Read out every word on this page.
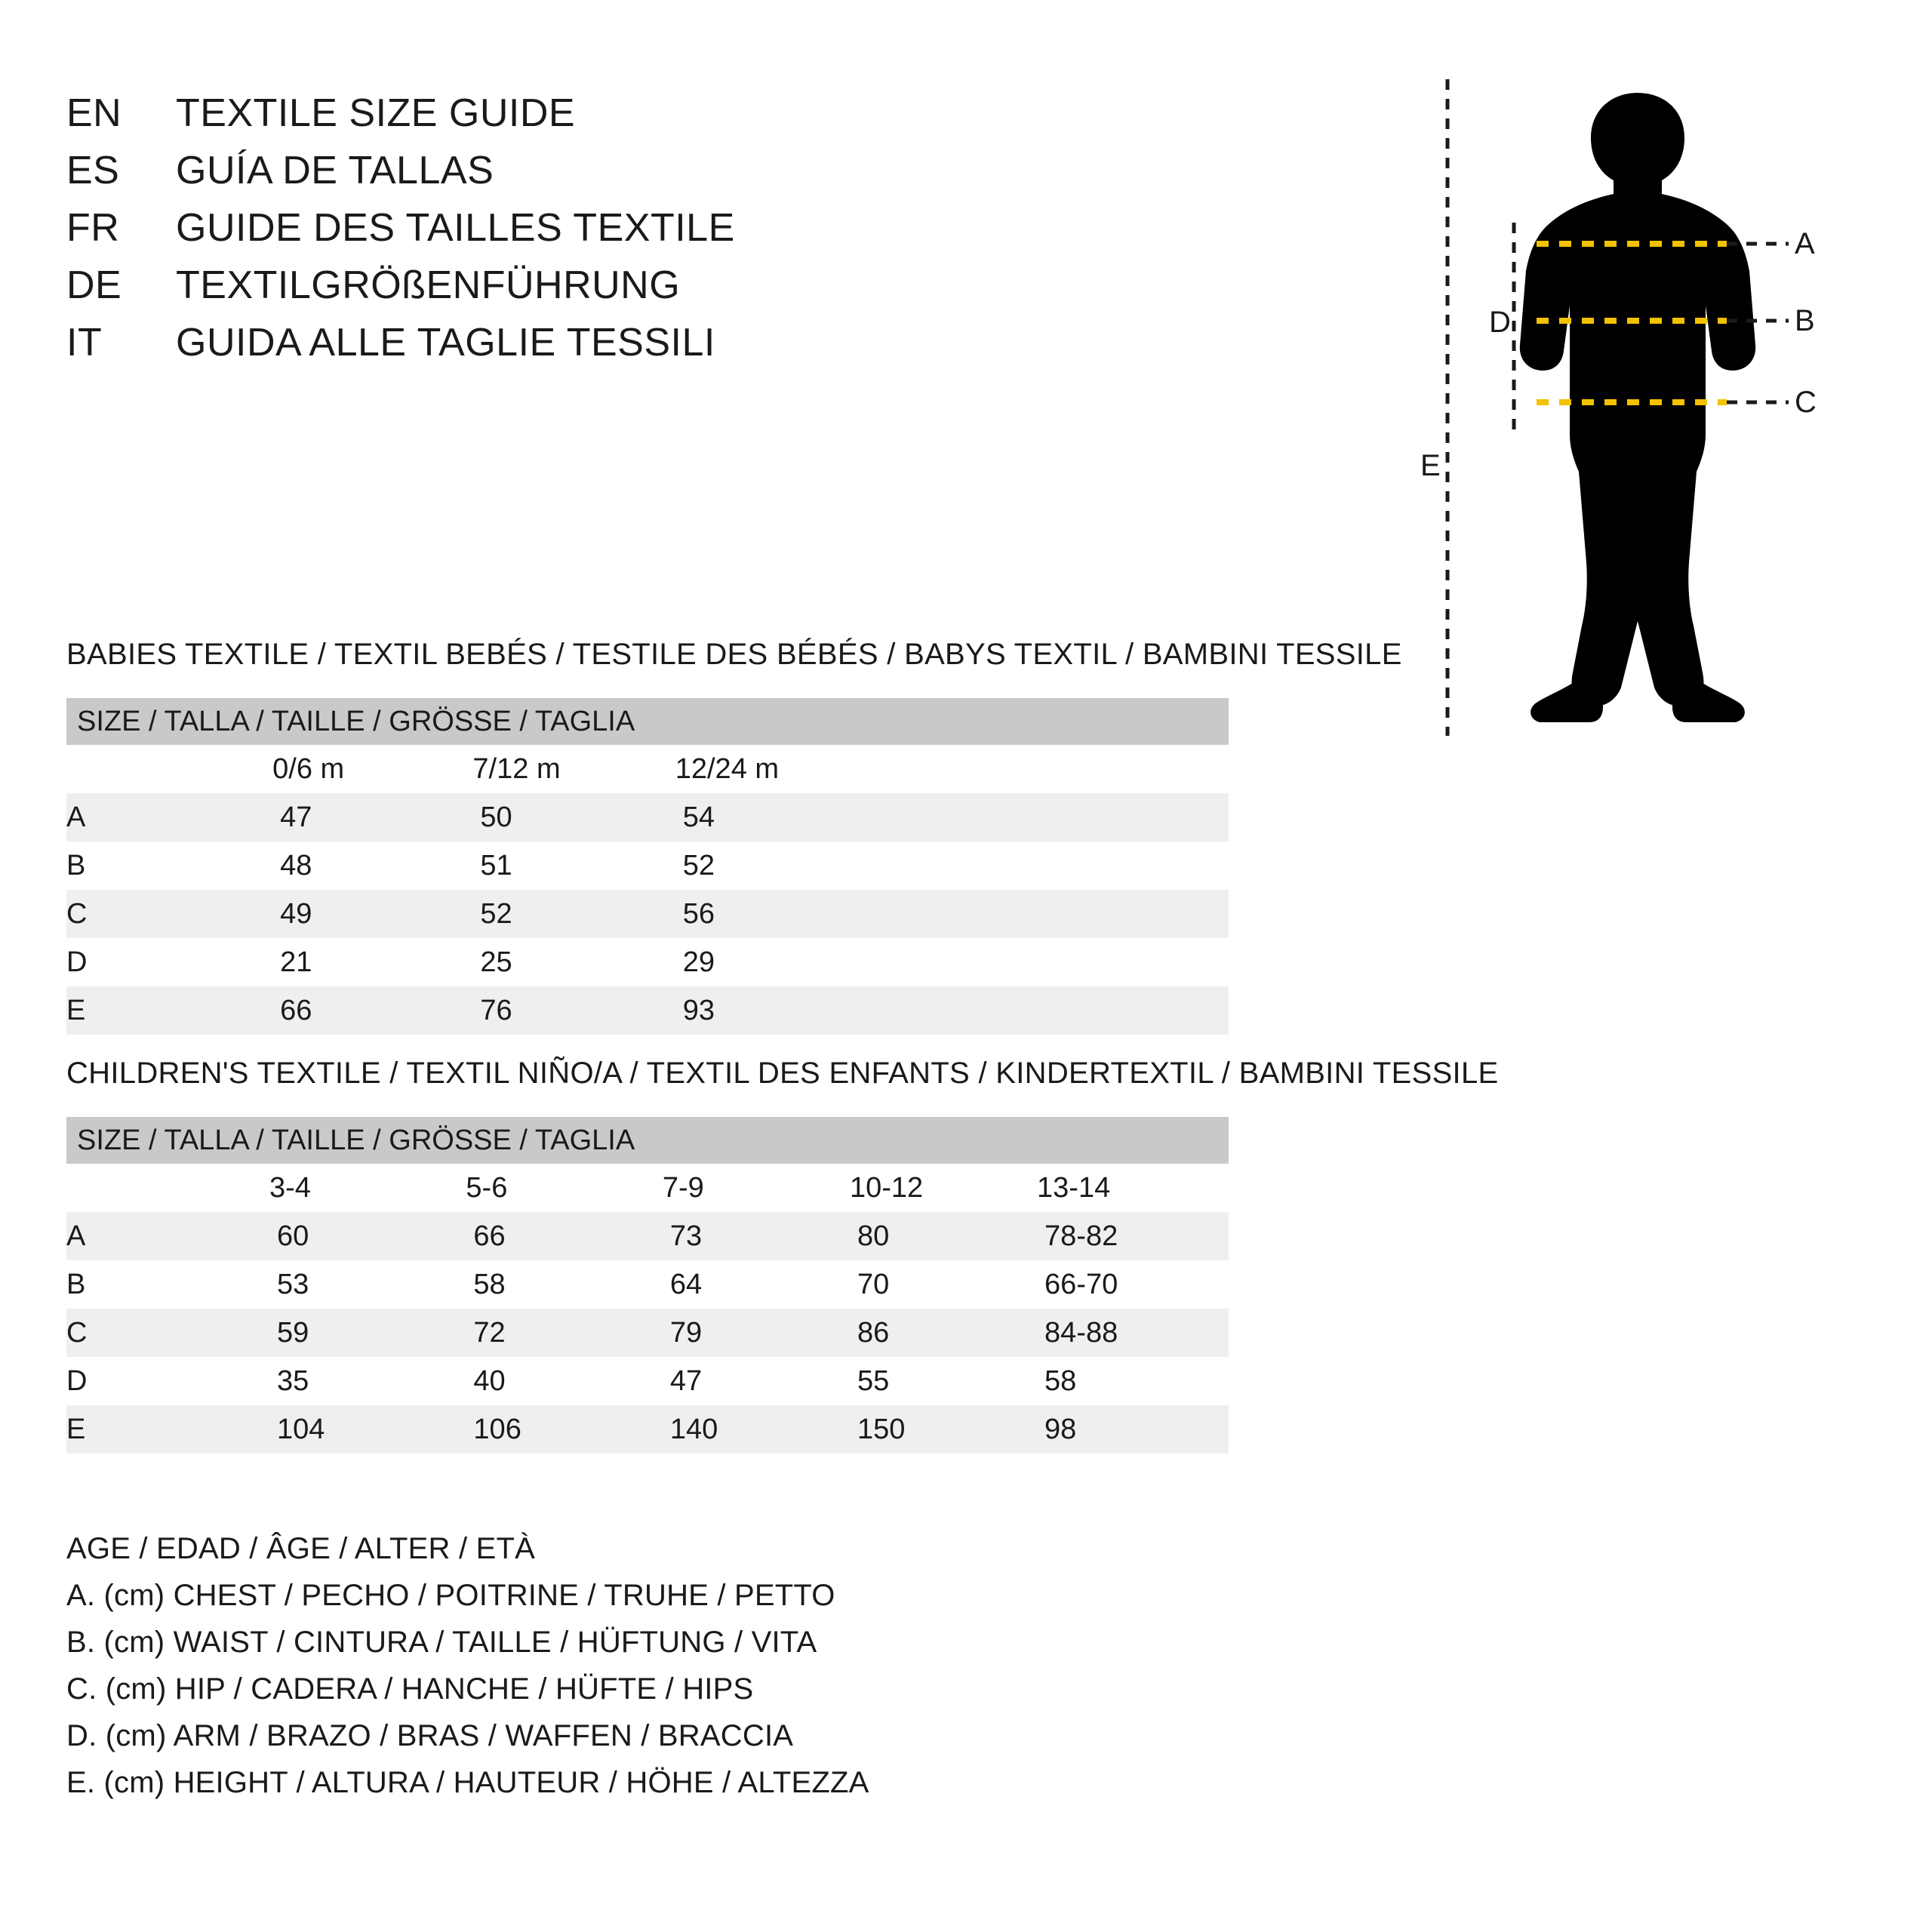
EN	TEXTILE SIZE GUIDE
ES	GUÍA DE TALLAS
FR	GUIDE DES TAILLES TEXTILE
DE	TEXTILGRÖßENFÜHRUNG
IT	GUIDA ALLE TAGLIE TESSILI
A
B
C
D
E
BABIES TEXTILE / TEXTIL BEBÉS / TESTILE DES BÉBÉS / BABYS TEXTIL / BAMBINI TESSILE
SIZE / TALLA / TAILLE / GRÖSSE / TAGLIA			
	0/6 m	7/12 m	12/24 m
A	47	50	54
B	48	51	52
C	49	52	56
D	21	25	29
E	66	76	93
CHILDREN'S TEXTILE / TEXTIL NIÑO/A / TEXTIL DES ENFANTS / KINDERTEXTIL / BAMBINI TESSILE
SIZE / TALLA / TAILLE / GRÖSSE / TAGLIA					
	3-4	5-6	7-9	10-12	13-14
A	60	66	73	80	78-82
B	53	58	64	70	66-70
C	59	72	79	86	84-88
D	35	40	47	55	58
E	104	106	140	150	98
AGE / EDAD / ÂGE / ALTER / ETÀ
A. (cm) CHEST / PECHO / POITRINE / TRUHE / PETTO
B. (cm) WAIST / CINTURA / TAILLE / HÜFTUNG / VITA
C. (cm) HIP / CADERA / HANCHE / HÜFTE / HIPS
D. (cm) ARM / BRAZO / BRAS / WAFFEN / BRACCIA
E. (cm) HEIGHT / ALTURA / HAUTEUR / HÖHE / ALTEZZA
